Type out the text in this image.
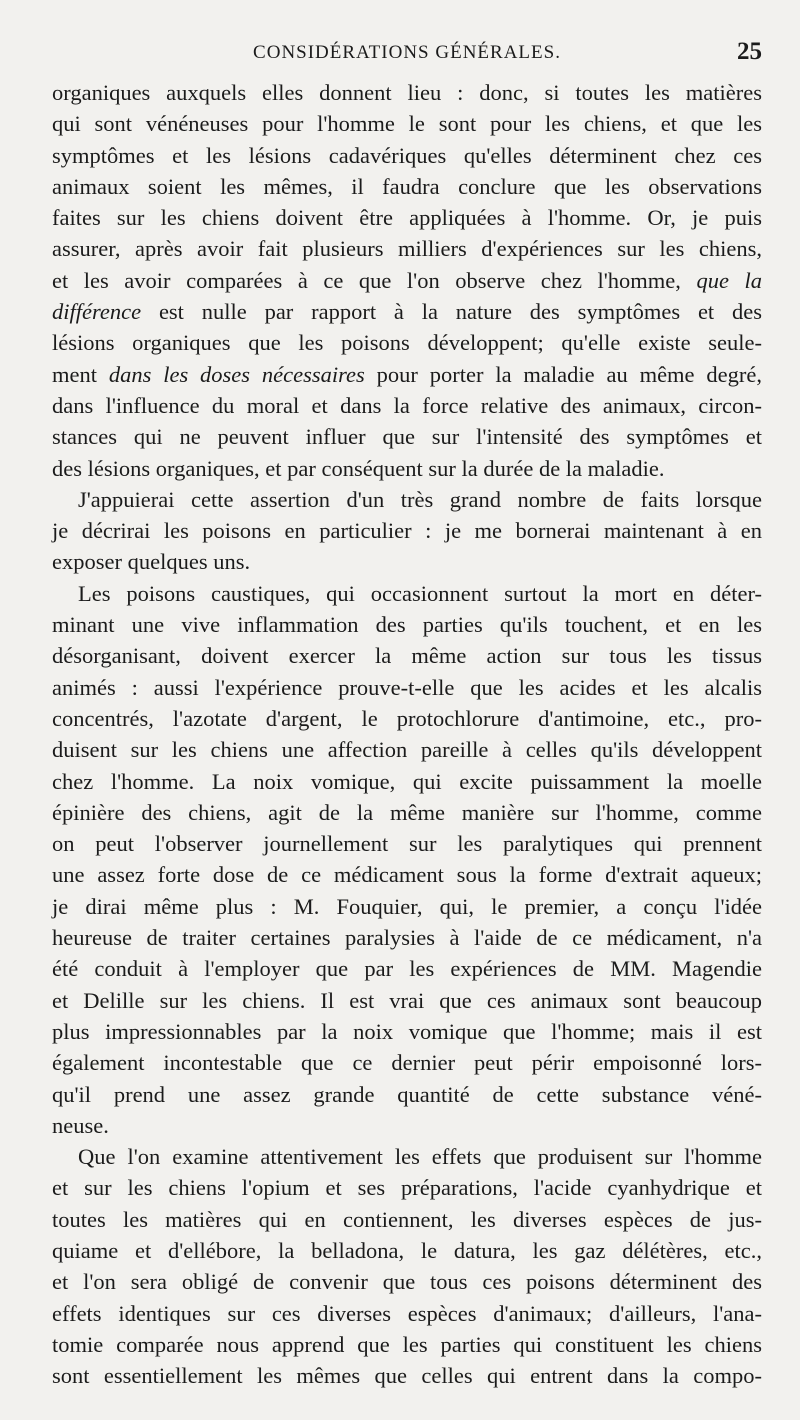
CONSIDÉRATIONS GÉNÉRALES.	25
organiques auxquels elles donnent lieu : donc, si toutes les matières
qui sont vénéneuses pour l'homme le sont pour les chiens, et que les
symptômes et les lésions cadavériques qu'elles déterminent chez ces
animaux soient les mêmes, il faudra conclure que les observations
faites sur les chiens doivent être appliquées à l'homme. Or, je puis
assurer, après avoir fait plusieurs milliers d'expériences sur les chiens,
et les avoir comparées à ce que l'on observe chez l'homme, que la
différence est nulle par rapport à la nature des symptômes et des
lésions organiques que les poisons développent; qu'elle existe seule-
ment dans les doses nécessaires pour porter la maladie au même degré,
dans l'influence du moral et dans la force relative des animaux, circon-
stances qui ne peuvent influer que sur l'intensité des symptômes et
des lésions organiques, et par conséquent sur la durée de la maladie.
J'appuierai cette assertion d'un très grand nombre de faits lorsque
je décrirai les poisons en particulier : je me bornerai maintenant à en
exposer quelques uns.
Les poisons caustiques, qui occasionnent surtout la mort en déter-
minant une vive inflammation des parties qu'ils touchent, et en les
désorganisant, doivent exercer la même action sur tous les tissus
animés : aussi l'expérience prouve-t-elle que les acides et les alcalis
concentrés, l'azotate d'argent, le protochlorure d'antimoine, etc., pro-
duisent sur les chiens une affection pareille à celles qu'ils développent
chez l'homme. La noix vomique, qui excite puissamment la moelle
épinière des chiens, agit de la même manière sur l'homme, comme
on peut l'observer journellement sur les paralytiques qui prennent
une assez forte dose de ce médicament sous la forme d'extrait aqueux;
je dirai même plus : M. Fouquier, qui, le premier, a conçu l'idée
heureuse de traiter certaines paralysies à l'aide de ce médicament, n'a
été conduit à l'employer que par les expériences de MM. Magendie
et Delille sur les chiens. Il est vrai que ces animaux sont beaucoup
plus impressionnables par la noix vomique que l'homme; mais il est
également incontestable que ce dernier peut périr empoisonné lors-
qu'il prend une assez grande quantité de cette substance véné-
neuse.
Que l'on examine attentivement les effets que produisent sur l'homme
et sur les chiens l'opium et ses préparations, l'acide cyanhydrique et
toutes les matières qui en contiennent, les diverses espèces de jus-
quiame et d'ellébore, la belladona, le datura, les gaz délétères, etc.,
et l'on sera obligé de convenir que tous ces poisons déterminent des
effets identiques sur ces diverses espèces d'animaux; d'ailleurs, l'ana-
tomie comparée nous apprend que les parties qui constituent les chiens
sont essentiellement les mêmes que celles qui entrent dans la compo-
